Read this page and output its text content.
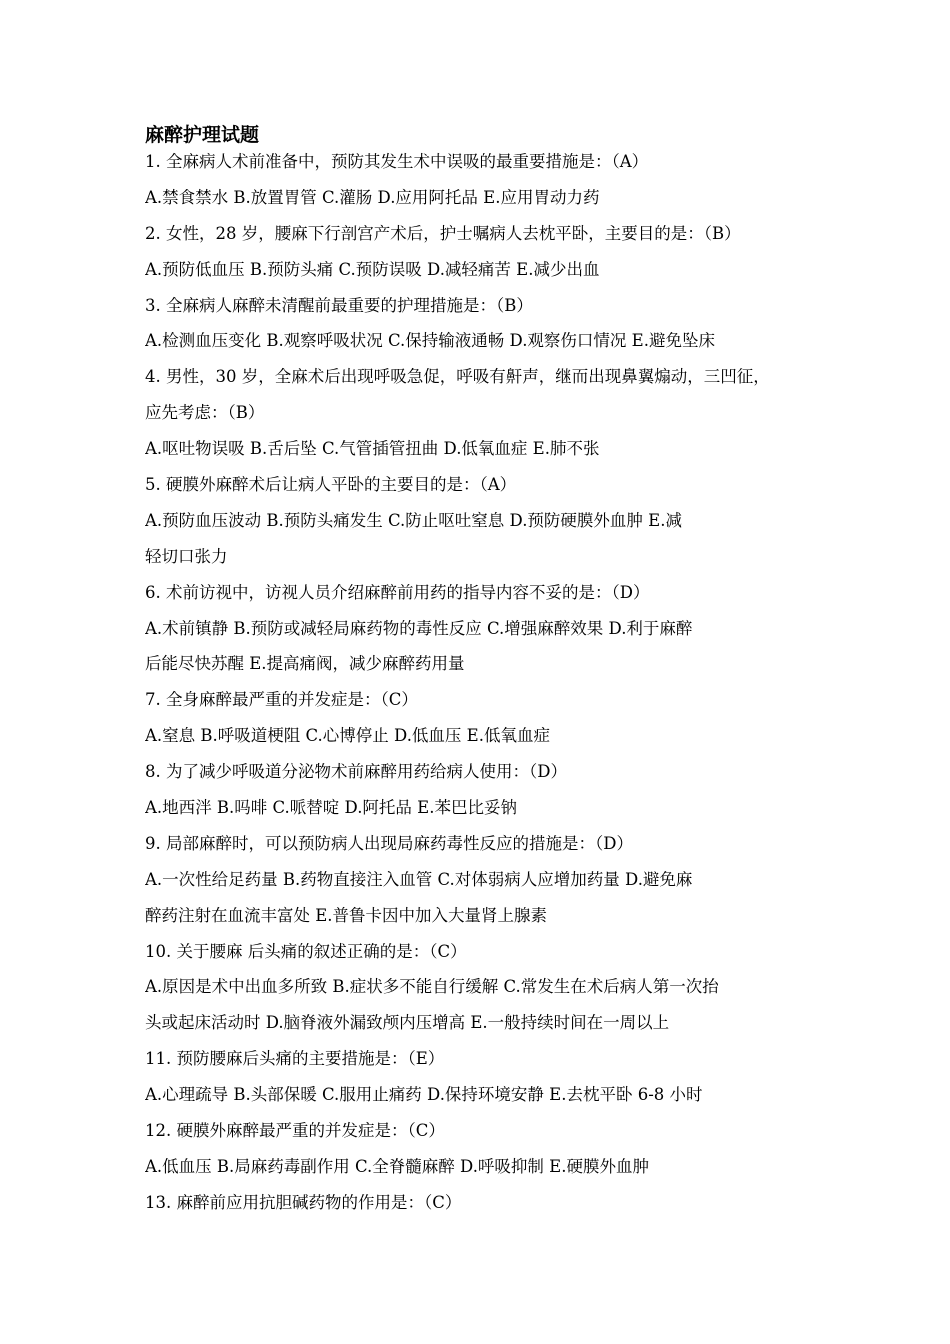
麻醉护理试题
1. 全麻病人术前准备中，预防其发生术中误吸的最重要措施是：（A）
A.禁食禁水 B.放置胃管 C.灌肠 D.应用阿托品 E.应用胃动力药
2. 女性，28 岁，腰麻下行剖宫产术后，护士嘱病人去枕平卧，主要目的是：（B）
A.预防低血压 B.预防头痛 C.预防误吸 D.减轻痛苦 E.减少出血
3. 全麻病人麻醉未清醒前最重要的护理措施是：（B）
A.检测血压变化 B.观察呼吸状况 C.保持输液通畅 D.观察伤口情况 E.避免坠床
4. 男性，30 岁，全麻术后出现呼吸急促，呼吸有鼾声，继而出现鼻翼煽动，三凹征，
应先考虑：（B）
A.呕吐物误吸 B.舌后坠 C.气管插管扭曲 D.低氧血症 E.肺不张
5. 硬膜外麻醉术后让病人平卧的主要目的是：（A）
A.预防血压波动 B.预防头痛发生 C.防止呕吐窒息 D.预防硬膜外血肿 E.减
轻切口张力
6. 术前访视中，访视人员介绍麻醉前用药的指导内容不妥的是：（D）
A.术前镇静 B.预防或减轻局麻药物的毒性反应 C.增强麻醉效果 D.利于麻醉
后能尽快苏醒 E.提高痛阀，减少麻醉药用量
7. 全身麻醉最严重的并发症是：（C）
A.窒息 B.呼吸道梗阻 C.心博停止 D.低血压 E.低氧血症
8. 为了减少呼吸道分泌物术前麻醉用药给病人使用：（D）
A.地西泮 B.吗啡 C.哌替啶 D.阿托品 E.苯巴比妥钠
9. 局部麻醉时，可以预防病人出现局麻药毒性反应的措施是：（D）
A.一次性给足药量 B.药物直接注入血管 C.对体弱病人应增加药量 D.避免麻
醉药注射在血流丰富处 E.普鲁卡因中加入大量肾上腺素
10. 关于腰麻 后头痛的叙述正确的是：（C）
A.原因是术中出血多所致 B.症状多不能自行缓解 C.常发生在术后病人第一次抬
头或起床活动时 D.脑脊液外漏致颅内压增高 E.一般持续时间在一周以上
11. 预防腰麻后头痛的主要措施是：（E）
A.心理疏导 B.头部保暖 C.服用止痛药 D.保持环境安静 E.去枕平卧 6-8 小时
12. 硬膜外麻醉最严重的并发症是：（C）
A.低血压 B.局麻药毒副作用 C.全脊髓麻醉 D.呼吸抑制 E.硬膜外血肿
13. 麻醉前应用抗胆碱药物的作用是：（C）
